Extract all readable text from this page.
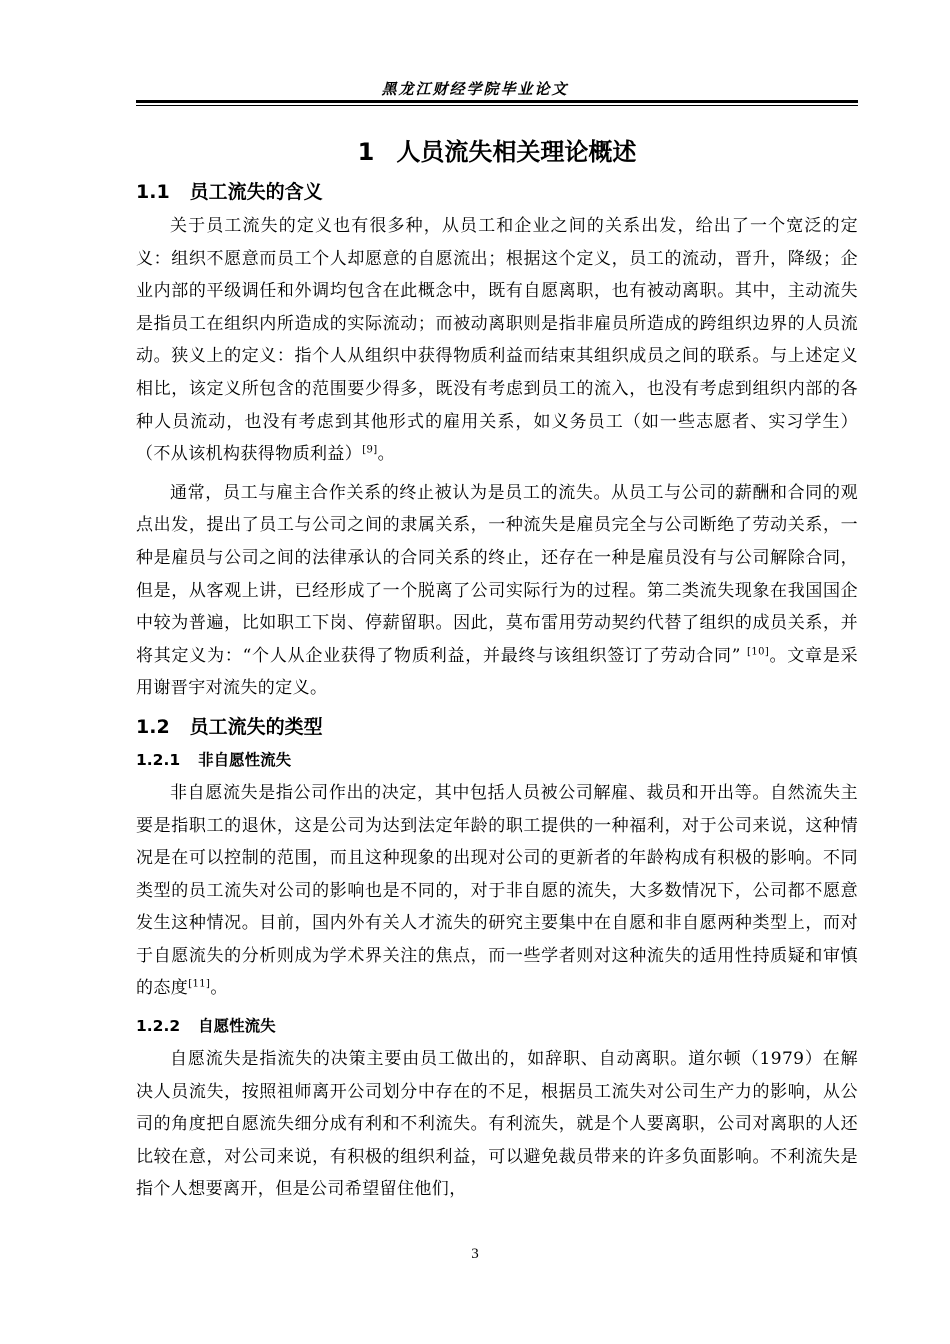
黑龙江财经学院毕业论文
1 人员流失相关理论概述
1.1 员工流失的含义

关于员工流失的定义也有很多种，从员工和企业之间的关系出发，给出了一个宽泛的定义：组织不愿意而员工个人却愿意的自愿流出；根据这个定义，员工的流动，晋升，降级；企业内部的平级调任和外调均包含在此概念中，既有自愿离职，也有被动离职。其中，主动流失是指员工在组织内所造成的实际流动；而被动离职则是指非雇员所造成的跨组织边界的人员流动。狭义上的定义：指个人从组织中获得物质利益而结束其组织成员之间的联系。与上述定义相比，该定义所包含的范围要少得多，既没有考虑到员工的流入，也没有考虑到组织内部的各种人员流动，也没有考虑到其他形式的雇用关系，如义务员工（如一些志愿者、实习学生）（不从该机构获得物质利益）[9]。

通常，员工与雇主合作关系的终止被认为是员工的流失。从员工与公司的薪酬和合同的观点出发，提出了员工与公司之间的隶属关系，一种流失是雇员完全与公司断绝了劳动关系，一种是雇员与公司之间的法律承认的合同关系的终止，还存在一种是雇员没有与公司解除合同，但是，从客观上讲，已经形成了一个脱离了公司实际行为的过程。第二类流失现象在我国国企中较为普遍，比如职工下岗、停薪留职。因此，莫布雷用劳动契约代替了组织的成员关系，并将其定义为：“个人从企业获得了物质利益，并最终与该组织签订了劳动合同” [10]。文章是采用谢晋宇对流失的定义。

1.2 员工流失的类型
1.2.1 非自愿性流失

非自愿流失是指公司作出的决定，其中包括人员被公司解雇、裁员和开出等。自然流失主要是指职工的退休，这是公司为达到法定年龄的职工提供的一种福利，对于公司来说，这种情况是在可以控制的范围，而且这种现象的出现对公司的更新者的年龄构成有积极的影响。不同类型的员工流失对公司的影响也是不同的，对于非自愿的流失，大多数情况下，公司都不愿意发生这种情况。目前，国内外有关人才流失的研究主要集中在自愿和非自愿两种类型上，而对于自愿流失的分析则成为学术界关注的焦点，而一些学者则对这种流失的适用性持质疑和审慎的态度[11]。

1.2.2 自愿性流失

自愿流失是指流失的决策主要由员工做出的，如辞职、自动离职。道尔顿（1979）在解决人员流失，按照祖师离开公司划分中存在的不足，根据员工流失对公司生产力的影响，从公司的角度把自愿流失细分成有利和不利流失。有利流失，就是个人要离职，公司对离职的人还比较在意，对公司来说，有积极的组织利益，可以避免裁员带来的许多负面影响。不利流失是指个人想要离开，但是公司希望留住他们，

3
